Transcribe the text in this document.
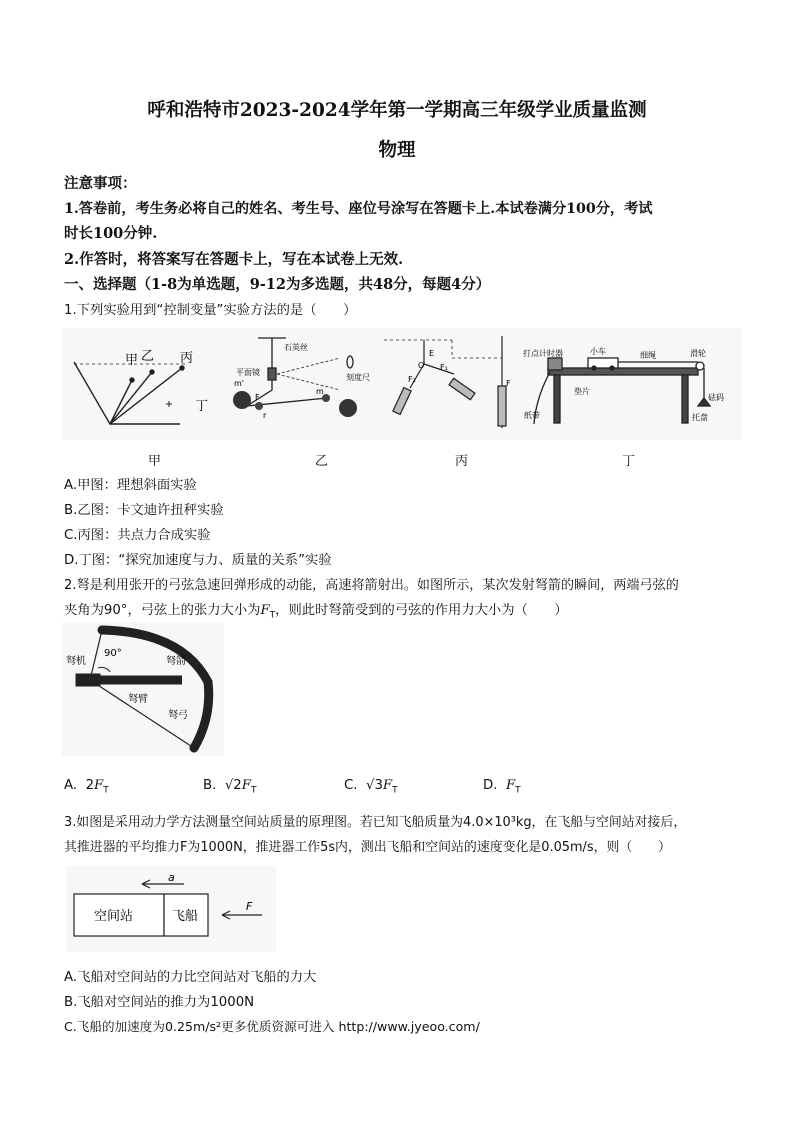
呼和浩特市2023-2024学年第一学期高三年级学业质量监测
物理
注意事项：
1.答卷前，考生务必将自己的姓名、考生号、座位号涂写在答题卡上.本试卷满分100分，考试
时长100分钟.
2.作答时，将答案写在答题卡上，写在本试卷上无效.
一、选择题（1-8为单选题，9-12为多选题，共48分，每题4分）
1.下列实验用到“控制变量”实验方法的是（　　）
甲 乙 丙
丁
石英丝
平面镜
刻度尺
m'
m
F
r
O
E
F₁
F₂	F
打点计时器	小车	细绳	滑轮
纸带
垫片
砝码
托盘
甲	乙	丙	丁
A.甲图：理想斜面实验
B.乙图：卡文迪许扭秤实验
C.丙图：共点力合成实验
D.丁图：“探究加速度与力、质量的关系”实验
2.弩是利用张开的弓弦急速回弹形成的动能，高速将箭射出。如图所示，某次发射弩箭的瞬间，两端弓弦的
夹角为90°，弓弦上的张力大小为$F_T$，则此时弩箭受到的弓弦的作用力大小为（　　）
弩机
90°
弩箭
弩臂
弩弓
A. $2F_T$	B. $√2F_T$	C. $√3F_T$	D. $F_T$
3.如图是采用动力学方法测量空间站质量的原理图。若已知飞船质量为4.0×10³kg，在飞船与空间站对接后，
其推进器的平均推力F为1000N，推进器工作5s内，测出飞船和空间站的速度变化是0.05m/s，则（　　）
a
空间站	飞船
F
A.飞船对空间站的力比空间站对飞船的力大
B.飞船对空间站的推力为1000N
C.飞船的加速度为0.25m/s²更多优质资源可进入 http://www.jyeoo.com/
